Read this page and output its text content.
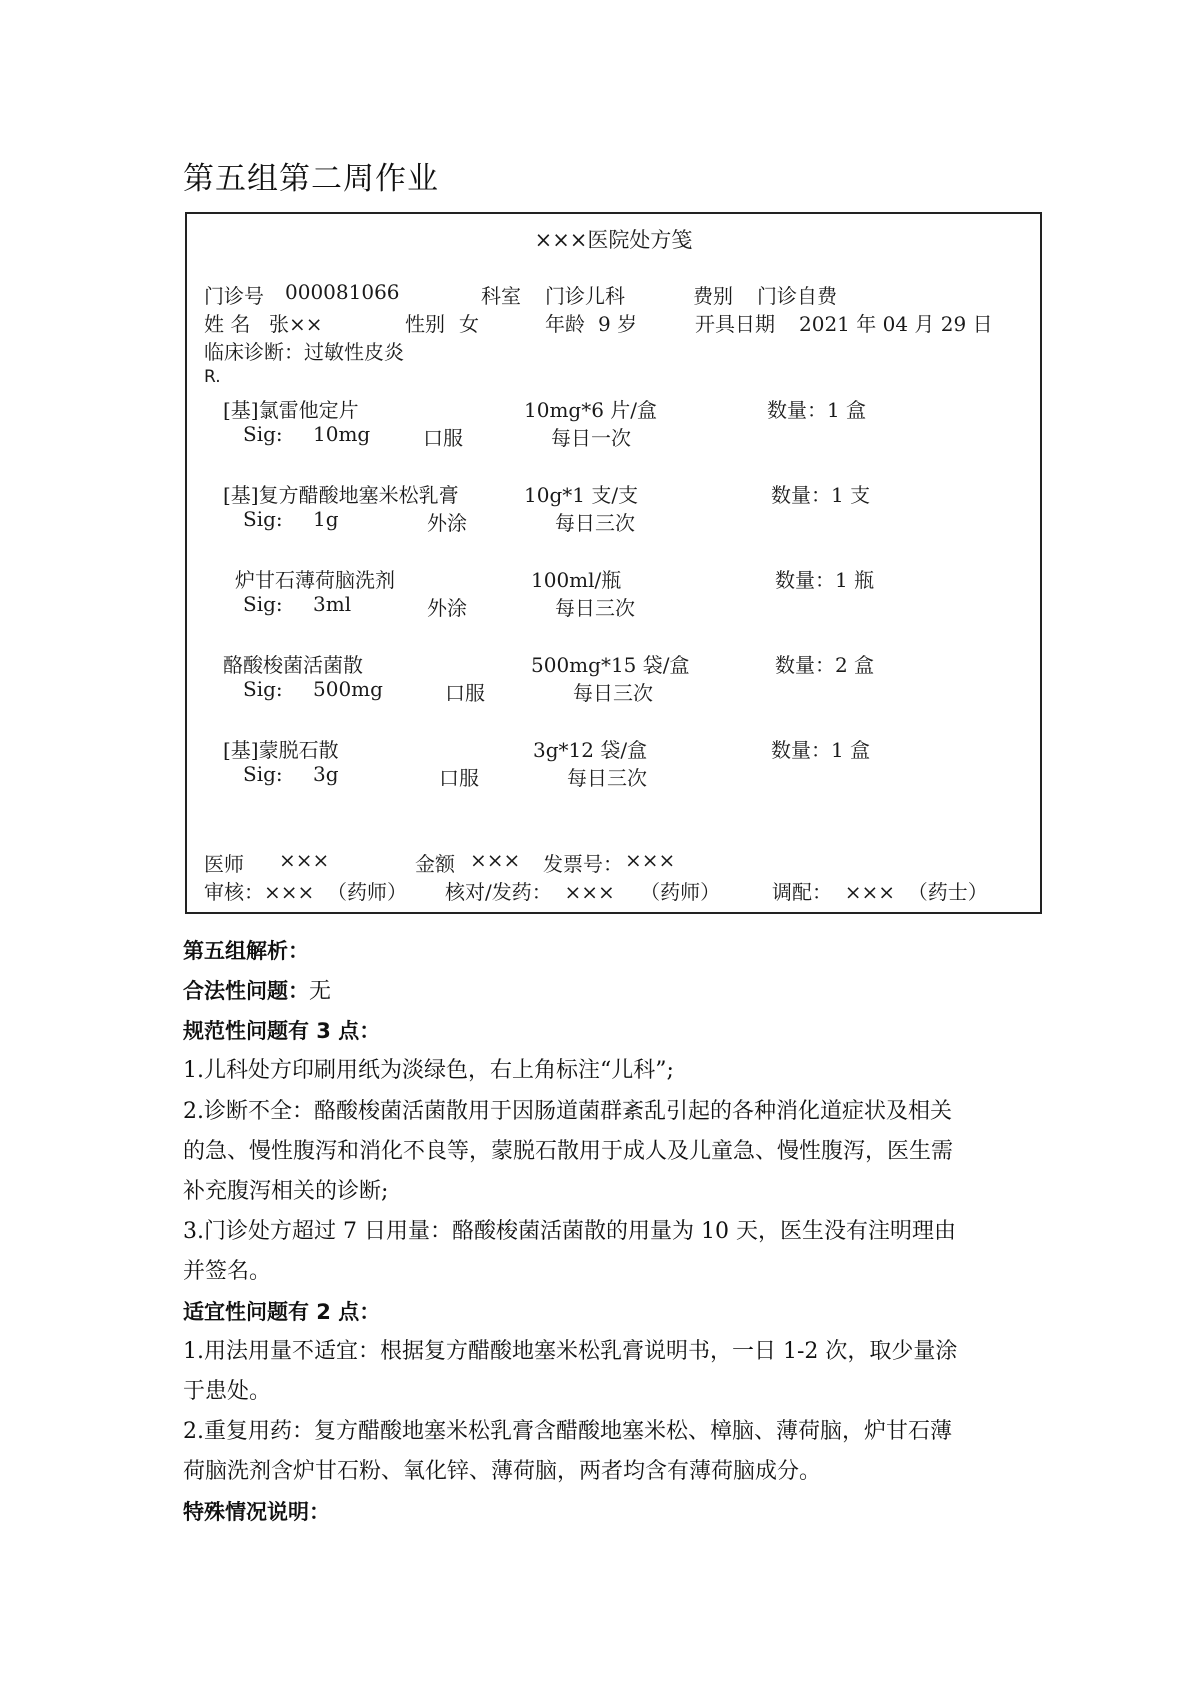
第五组第二周作业
×××医院处方笺
门诊号 000081066	科室 门诊儿科	费别 门诊自费
姓 名 张××	性别 女	年龄 9 岁	开具日期 2021 年 04 月 29 日
临床诊断：过敏性皮炎
R.
[基]氯雷他定片	10mg*6 片/盒	数量：1 盒
Sig: 10mg	口服	每日一次
[基]复方醋酸地塞米松乳膏	10g*1 支/支	数量：1 支
Sig: 1g	外涂	每日三次
炉甘石薄荷脑洗剂	100ml/瓶	数量：1 瓶
Sig: 3ml	外涂	每日三次
酪酸梭菌活菌散	500mg*15 袋/盒	数量：2 盒
Sig: 500mg	口服	每日三次
[基]蒙脱石散	3g*12 袋/盒	数量：1 盒
Sig: 3g	口服	每日三次
医师 ×××	金额 ××× 发票号： ×××
审核：×××  （药师） 核对/发药：  ×××    （药师）	调配：  ×××  （药士）
第五组解析：
合法性问题：无
规范性问题有 3 点：
1.儿科处方印刷用纸为淡绿色，右上角标注“儿科”;
2.诊断不全：酪酸梭菌活菌散用于因肠道菌群紊乱引起的各种消化道症状及相关
的急、慢性腹泻和消化不良等，蒙脱石散用于成人及儿童急、慢性腹泻，医生需
补充腹泻相关的诊断;
3.门诊处方超过 7 日用量：酪酸梭菌活菌散的用量为 10 天，医生没有注明理由
并签名。
适宜性问题有 2 点：
1.用法用量不适宜：根据复方醋酸地塞米松乳膏说明书，一日 1-2 次，取少量涂
于患处。
2.重复用药：复方醋酸地塞米松乳膏含醋酸地塞米松、樟脑、薄荷脑，炉甘石薄
荷脑洗剂含炉甘石粉、氧化锌、薄荷脑，两者均含有薄荷脑成分。
特殊情况说明：
